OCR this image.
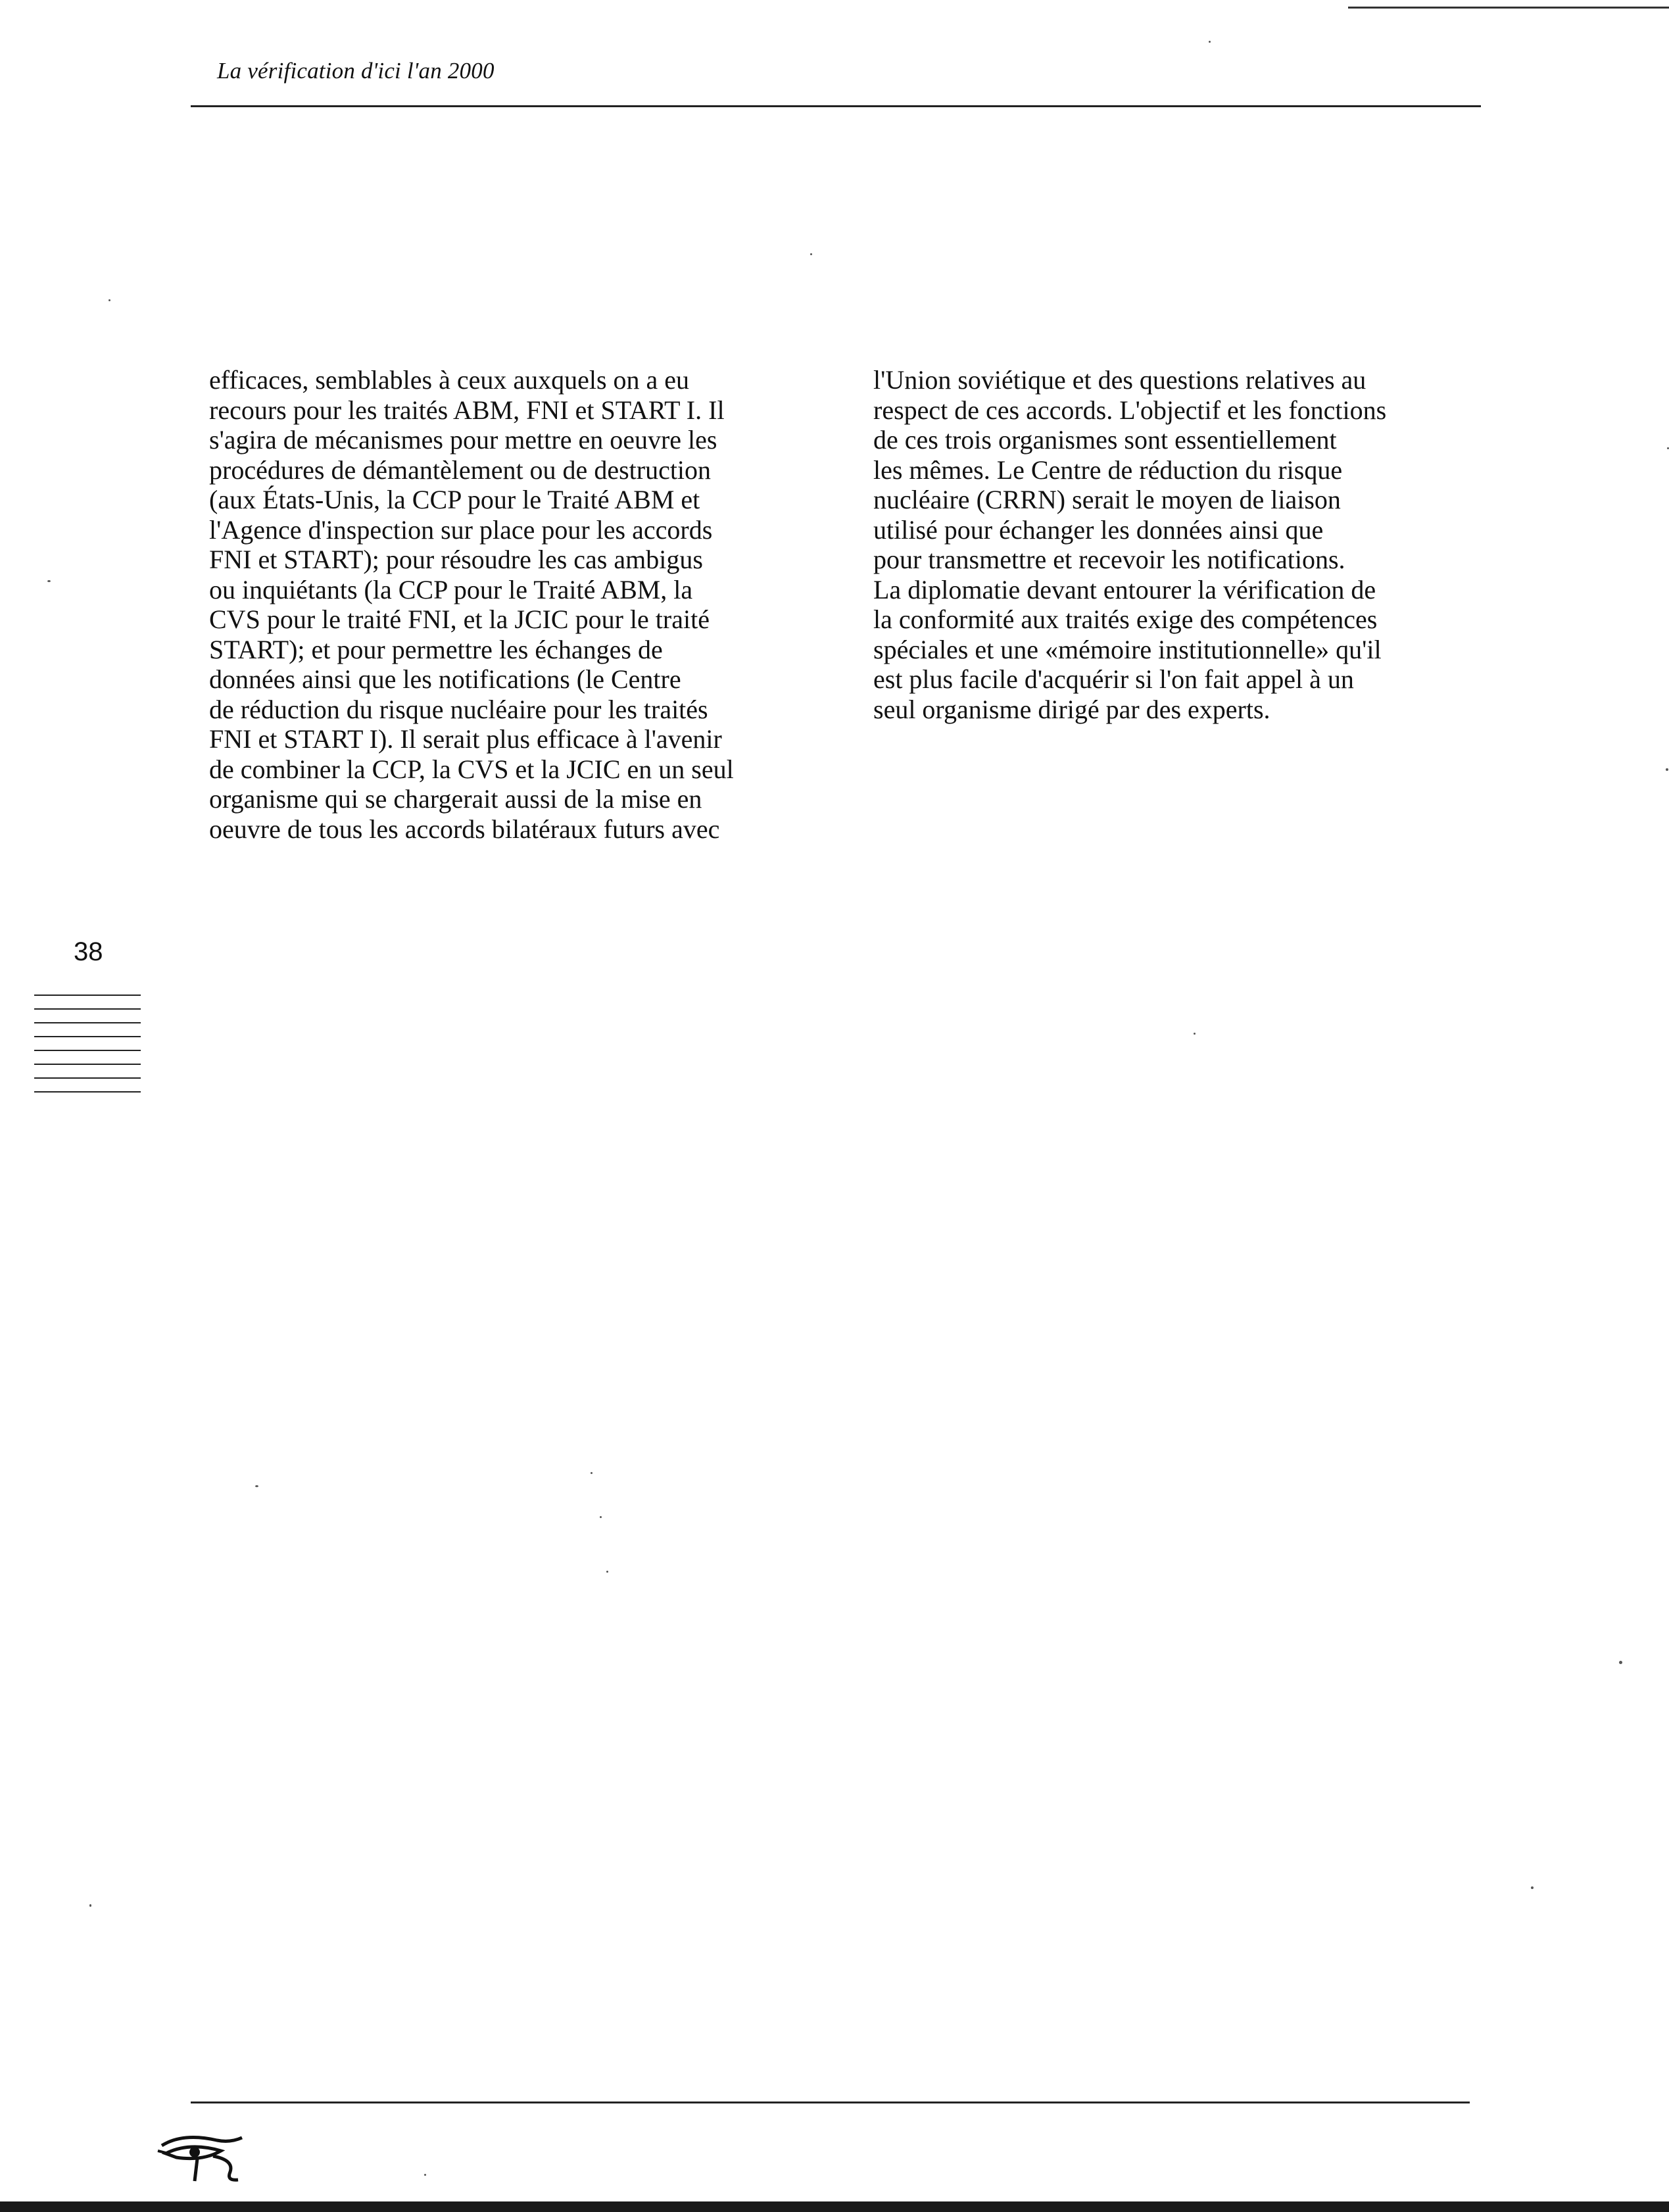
La vérification d'ici l'an 2000

efficaces, semblables à ceux auxquels on a eu
recours pour les traités ABM, FNI et START I. Il
s'agira de mécanismes pour mettre en oeuvre les
procédures de démantèlement ou de destruction
(aux États-Unis, la CCP pour le Traité ABM et
l'Agence d'inspection sur place pour les accords
FNI et START); pour résoudre les cas ambigus
ou inquiétants (la CCP pour le Traité ABM, la
CVS pour le traité FNI, et la JCIC pour le traité
START); et pour permettre les échanges de
données ainsi que les notifications (le Centre
de réduction du risque nucléaire pour les traités
FNI et START I). Il serait plus efficace à l'avenir
de combiner la CCP, la CVS et la JCIC en un seul
organisme qui se chargerait aussi de la mise en
oeuvre de tous les accords bilatéraux futurs avec

l'Union soviétique et des questions relatives au
respect de ces accords. L'objectif et les fonctions
de ces trois organismes sont essentiellement
les mêmes. Le Centre de réduction du risque
nucléaire (CRRN) serait le moyen de liaison
utilisé pour échanger les données ainsi que
pour transmettre et recevoir les notifications.
La diplomatie devant entourer la vérification de
la conformité aux traités exige des compétences
spéciales et une «mémoire institutionnelle» qu'il
est plus facile d'acquérir si l'on fait appel à un
seul organisme dirigé par des experts.

38
